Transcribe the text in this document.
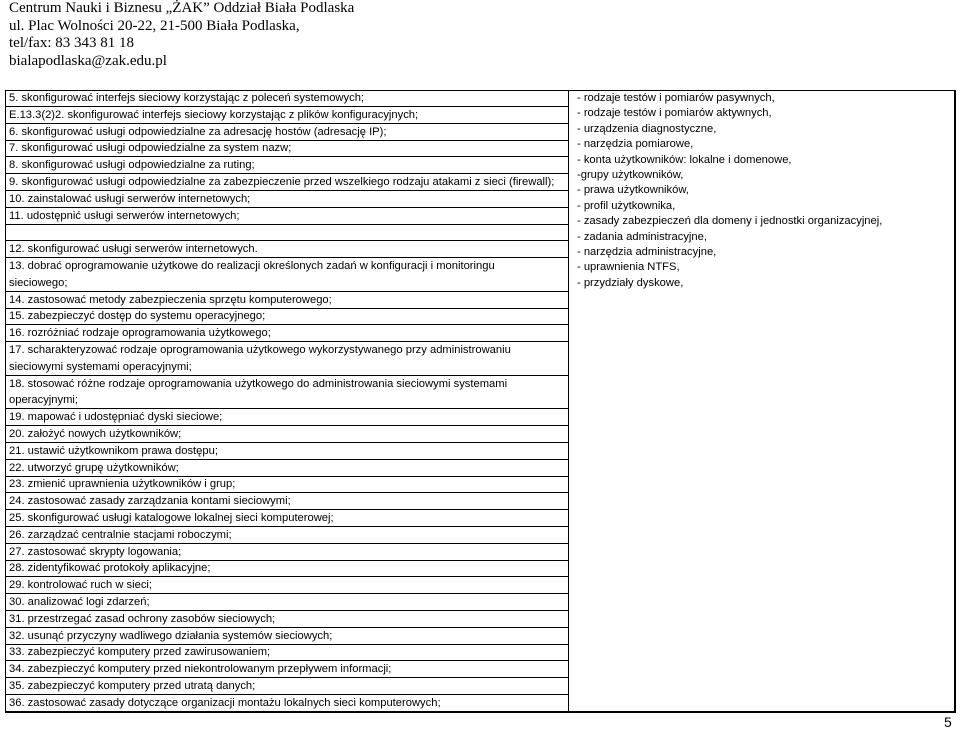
Centrum Nauki i Biznesu „ŻAK” Oddział Biała Podlaska
ul. Plac Wolności 20-22, 21-500 Biała Podlaska,
tel/fax: 83 343 81 18
bialapodlaska@zak.edu.pl
5. skonfigurować interfejs sieciowy korzystając z poleceń systemowych;
E.13.3(2)2. skonfigurować interfejs sieciowy korzystając z plików konfiguracyjnych;
6. skonfigurować usługi odpowiedzialne za adresację hostów (adresację IP);
7. skonfigurować usługi odpowiedzialne za system nazw;
8. skonfigurować usługi odpowiedzialne za ruting;
9. skonfigurować usługi odpowiedzialne za zabezpieczenie przed wszelkiego rodzaju atakami z sieci (firewall);
10. zainstalować usługi serwerów internetowych;
11. udostępnić usługi serwerów internetowych;
12. skonfigurować usługi serwerów internetowych.
13. dobrać oprogramowanie użytkowe do realizacji określonych zadań w konfiguracji i monitoringu
sieciowego;
14. zastosować metody zabezpieczenia sprzętu komputerowego;
15. zabezpieczyć dostęp do systemu operacyjnego;
16. rozróżniać rodzaje oprogramowania użytkowego;
17. scharakteryzować rodzaje oprogramowania użytkowego wykorzystywanego przy administrowaniu
sieciowymi systemami operacyjnymi;
18. stosować różne rodzaje oprogramowania użytkowego do administrowania sieciowymi systemami
operacyjnymi;
19. mapować i udostępniać dyski sieciowe;
20. założyć nowych użytkowników;
21. ustawić użytkownikom prawa dostępu;
22. utworzyć grupę użytkowników;
23. zmienić uprawnienia użytkowników i grup;
24. zastosować zasady zarządzania kontami sieciowymi;
25. skonfigurować usługi katalogowe lokalnej sieci komputerowej;
26. zarządzać centralnie stacjami roboczymi;
27. zastosować skrypty logowania;
28. zidentyfikować protokoły aplikacyjne;
29. kontrolować ruch w sieci;
30. analizować logi zdarzeń;
31. przestrzegać zasad ochrony zasobów sieciowych;
32. usunąć przyczyny wadliwego działania systemów sieciowych;
33. zabezpieczyć komputery przed zawirusowaniem;
34. zabezpieczyć komputery przed niekontrolowanym przepływem informacji;
35. zabezpieczyć komputery przed utratą danych;
36. zastosować zasady dotyczące organizacji montażu lokalnych sieci komputerowych;
- rodzaje testów i pomiarów pasywnych,
- rodzaje testów i pomiarów aktywnych,
- urządzenia diagnostyczne,
- narzędzia pomiarowe,
- konta użytkowników: lokalne i domenowe,
-grupy użytkowników,
- prawa użytkowników,
- profil użytkownika,
- zasady zabezpieczeń dla domeny i jednostki organizacyjnej,
- zadania administracyjne,
- narzędzia administracyjne,
- uprawnienia NTFS,
- przydziały dyskowe,
5
